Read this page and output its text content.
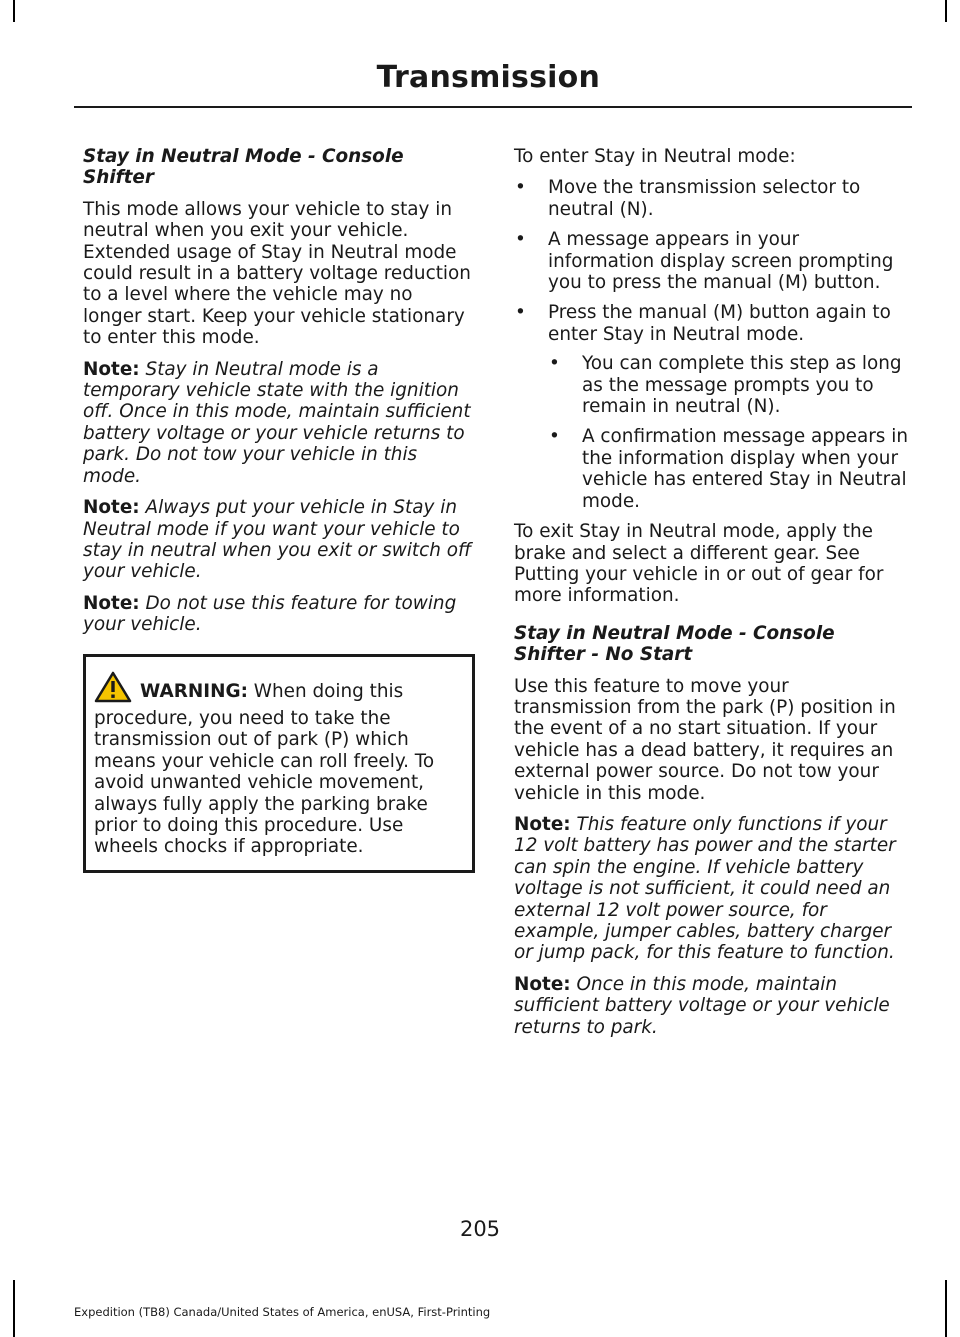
Transmission
Stay in Neutral Mode - Console Shifter

This mode allows your vehicle to stay in neutral when you exit your vehicle. Extended usage of Stay in Neutral mode could result in a battery voltage reduction to a level where the vehicle may no longer start. Keep your vehicle stationary to enter this mode.

Note: Stay in Neutral mode is a temporary vehicle state with the ignition off. Once in this mode, maintain sufficient battery voltage or your vehicle returns to park. Do not tow your vehicle in this mode.

Note: Always put your vehicle in Stay in Neutral mode if you want your vehicle to stay in neutral when you exit or switch off your vehicle.

Note: Do not use this feature for towing your vehicle.

WARNING: When doing this procedure, you need to take the transmission out of park (P) which means your vehicle can roll freely. To avoid unwanted vehicle movement, always fully apply the parking brake prior to doing this procedure. Use wheels chocks if appropriate.

To enter Stay in Neutral mode:

• Move the transmission selector to neutral (N).
• A message appears in your information display screen prompting you to press the manual (M) button.
• Press the manual (M) button again to enter Stay in Neutral mode.
• You can complete this step as long as the message prompts you to remain in neutral (N).
• A confirmation message appears in the information display when your vehicle has entered Stay in Neutral mode.

To exit Stay in Neutral mode, apply the brake and select a different gear. See Putting your vehicle in or out of gear for more information.

Stay in Neutral Mode - Console Shifter - No Start

Use this feature to move your transmission from the park (P) position in the event of a no start situation. If your vehicle has a dead battery, it requires an external power source. Do not tow your vehicle in this mode.

Note: This feature only functions if your 12 volt battery has power and the starter can spin the engine. If vehicle battery voltage is not sufficient, it could need an external 12 volt power source, for example, jumper cables, battery charger or jump pack, for this feature to function.

Note: Once in this mode, maintain sufficient battery voltage or your vehicle returns to park.

205
Expedition (TB8) Canada/United States of America, enUSA, First-Printing
